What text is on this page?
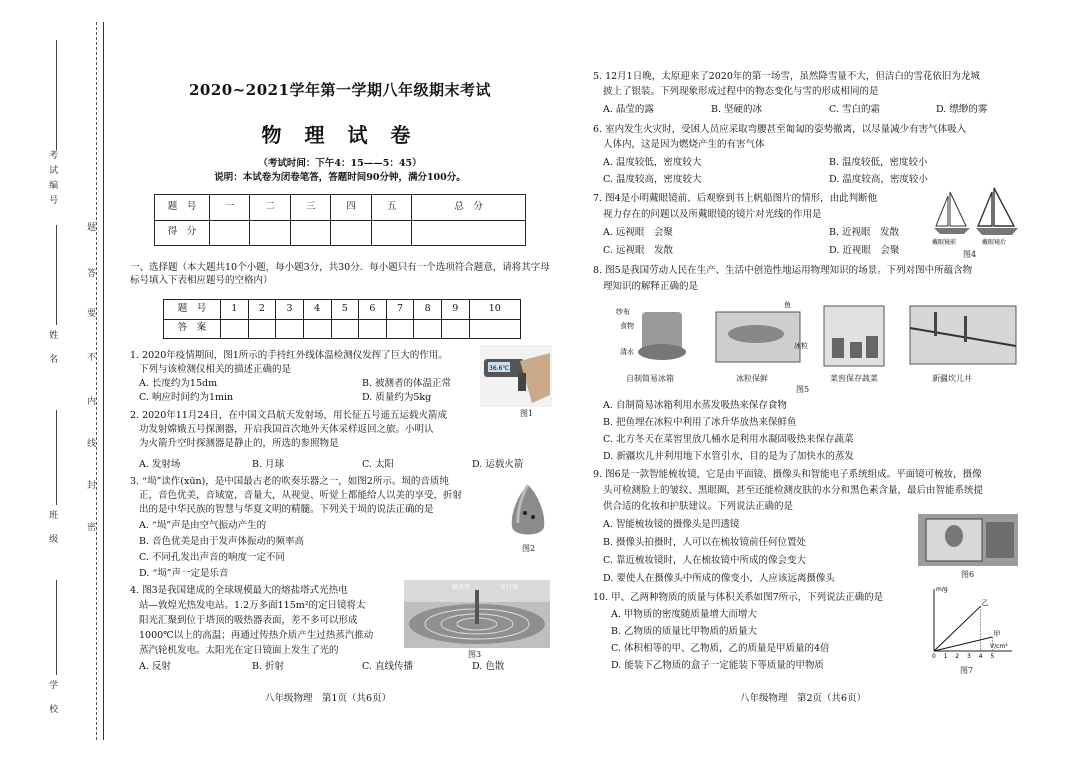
考试编号
姓 名
班 级
学 校
题
答
要
不
内
线
封
密
2020~2021学年第一学期八年级期末考试
物 理 试 卷
（考试时间：下午4：15——5：45）
说明：本试卷为闭卷笔答，答题时间90分钟，满分100分。
题　号	一	二	三	四	五	总　分
得　分						
一、选择题（本大题共10个小题，每小题3分，共30分．每小题只有一个选项符合题意，请将其字母标号填入下表相应题号的空格内）
题　号	1	2	3	4	5	6	7	8	9	10
答　案										
1. 2020年疫情期间，图1所示的手持红外线体温检测仪发挥了巨大的作用。
下列与该检测仪相关的描述正确的是
A. 长度约为15dm	B. 被测者的体温正常
C. 响应时间约为1min	D. 质量约为5kg
36.6℃
图1
2. 2020年11月24日，在中国文昌航天发射场，用长征五号遥五运载火箭成
功发射嫦娥五号探测器，开启我国首次地外天体采样返回之旅。小明认
为火箭升空时探测器是静止的，所选的参照物是
A. 发射场	B. 月球	C. 太阳	D. 运载火箭
3. “埙”读作(xūn)，是中国最古老的吹奏乐器之一，如图2所示。埙的音质纯
正，音色优美，音域宽，音量大，从视觉、听觉上都能给人以美的享受，折射
出的是中华民族的智慧与华夏文明的精髓。下列关于埙的说法正确的是
A. “埙”声是由空气振动产生的
B. 音色优美是由于发声体振动的频率高
C. 不同孔发出声音的响度一定不同
D. “埙”声一定是乐音
图2
4. 图3是我国建成的全球规模最大的熔盐塔式光热电
站—敦煌光热发电站。1.2万多面115m²的定日镜将太
阳光汇聚到位于塔顶的吸热器表面，差不多可以形成
1000℃以上的高温；再通过传热介质产生过热蒸汽推动
蒸汽轮机发电。太阳光在定日镜面上发生了光的
A. 反射	B. 折射	C. 直线传播	D. 色散
吸热塔	定日镜
图3
八年级物理　第1页（共6页）
5. 12月1日晚，太原迎来了2020年的第一场雪，虽然降雪量不大，但洁白的雪花依旧为龙城
披上了银装。下列现象形成过程中的物态变化与雪的形成相同的是
A. 晶莹的露	B. 坚硬的冰	C. 雪白的霜	D. 缥缈的雾
6. 室内发生火灾时，受困人员应采取弯腰甚至匍匐的姿势撤离，以尽量减少有害气体吸入
人体内，这是因为燃烧产生的有害气体
A. 温度较低，密度较大	B. 温度较低，密度较小
C. 温度较高，密度较大	D. 温度较高，密度较小
7. 图4是小明戴眼镜前、后观察到书上帆船图片的情形，由此判断他
视力存在的问题以及所戴眼镜的镜片对光线的作用是
A. 远视眼　会聚	B. 近视眼　发散
C. 远视眼　发散	D. 近视眼　会聚
戴眼镜前	戴眼镜后
图4
8. 图5是我国劳动人民在生产、生活中创造性地运用物理知识的场景。下列对图中所蕴含物
理知识的解释正确的是
纱布
食物
清水
鱼
冰粒
自制简易冰箱	冰粒保鲜	菜窖保存蔬菜	新疆坎儿井
图5
A. 自制简易冰箱利用水蒸发吸热来保存食物
B. 把鱼埋在冰粒中利用了冰升华放热来保鲜鱼
C. 北方冬天在菜窖里放几桶水是利用水凝固吸热来保存蔬菜
D. 新疆坎儿井利用地下水管引水，目的是为了加快水的蒸发
9. 图6是一款智能梳妆镜，它是由平面镜、摄像头和智能电子系统组成。平面镜可梳妆，摄像
头可检测脸上的皱纹、黑眼圈，甚至还能检测皮肤的水分和黑色素含量，最后由智能系统提
供合适的化妆和护肤建议。下列说法正确的是
A. 智能梳妆镜的摄像头是凹透镜
B. 摄像头拍摄时，人可以在梳妆镜前任何位置处
C. 靠近梳妆镜时，人在梳妆镜中所成的像会变大
D. 要使人在摄像头中所成的像变小，人应该远离摄像头	图6
10. 甲、乙两种物质的质量与体积关系如图7所示，下列说法正确的是
A. 甲物质的密度随质量增大而增大
B. 乙物质的质量比甲物质的质量大
C. 体积相等的甲、乙物质，乙的质量是甲质量的4倍
D. 能装下乙物质的盒子一定能装下等质量的甲物质
m/g
V/cm³
乙
甲
0 1 2 3 4 5
图7
八年级物理　第2页（共6页）
